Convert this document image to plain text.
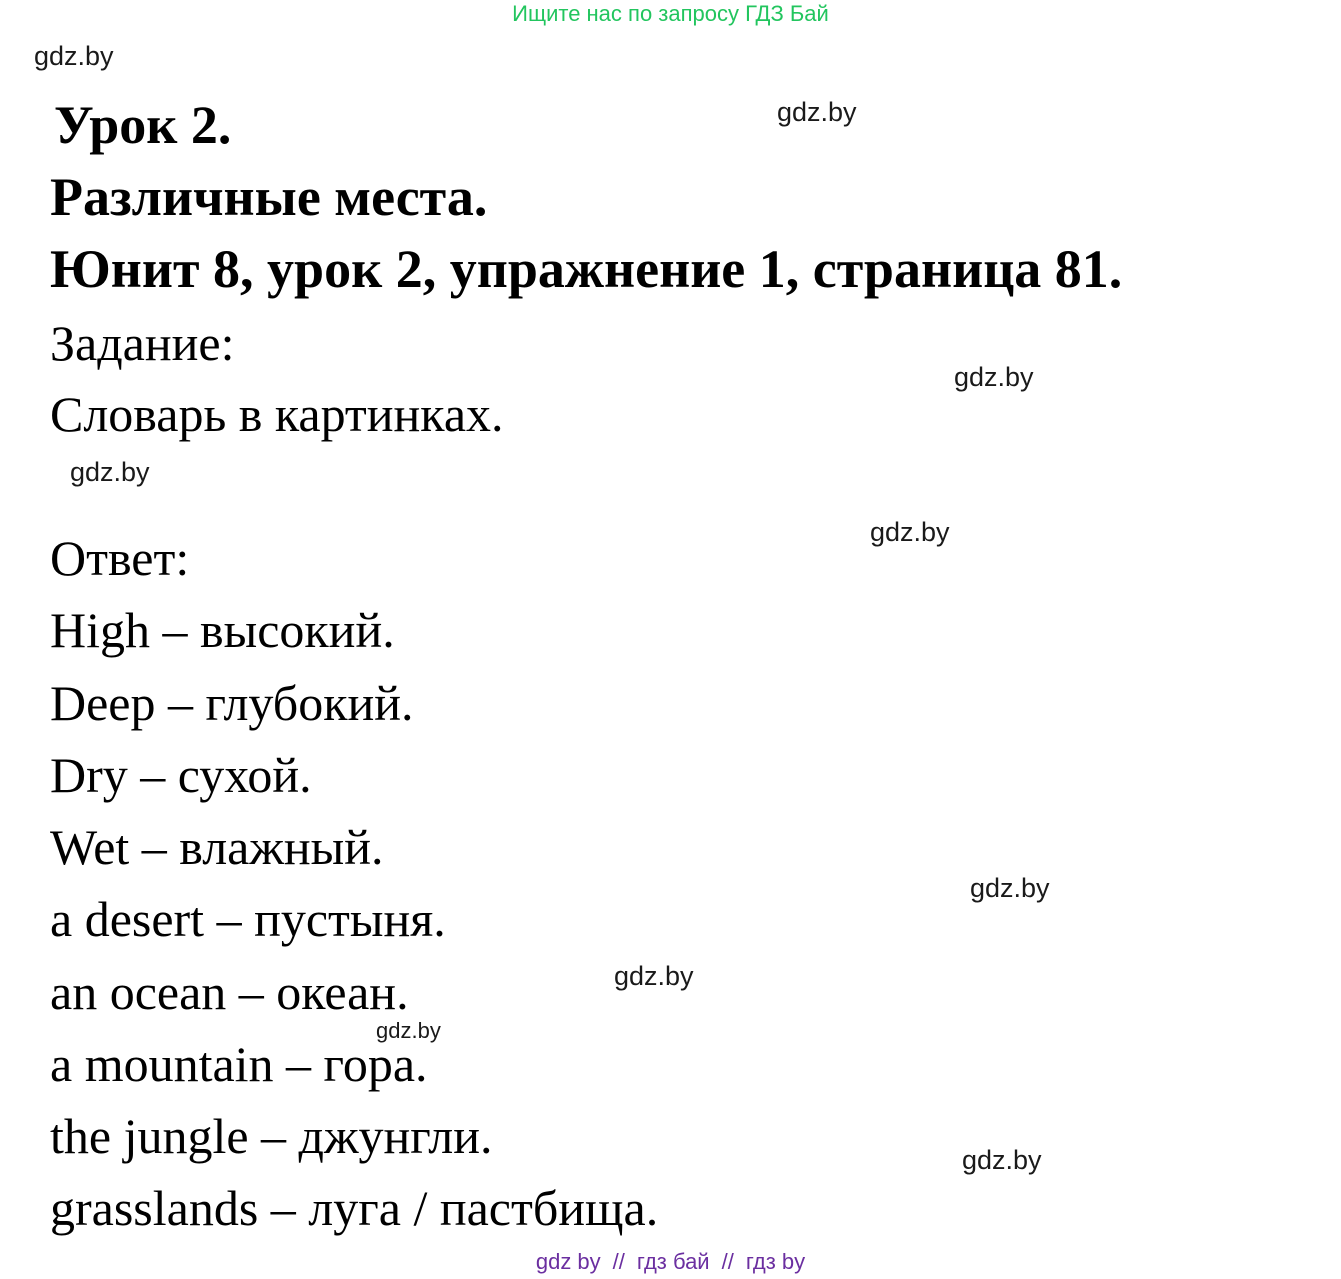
Ищите нас по запросу ГДЗ Бай
gdz.by
gdz.by
gdz.by
gdz.by
gdz.by
gdz.by
gdz.by
gdz.by
gdz.by
Урок 2.
Различные места.
Юнит 8, урок 2, упражнение 1, страница 81.
Задание:
Словарь в картинках.
Ответ:
High – высокий.
Deep – глубокий.
Dry – сухой.
Wet – влажный.
a desert – пустыня.
an ocean – океан.
a mountain – гора.
the jungle – джунгли.
grasslands – луга / пастбища.
gdz by // гдз бай // гдз by
